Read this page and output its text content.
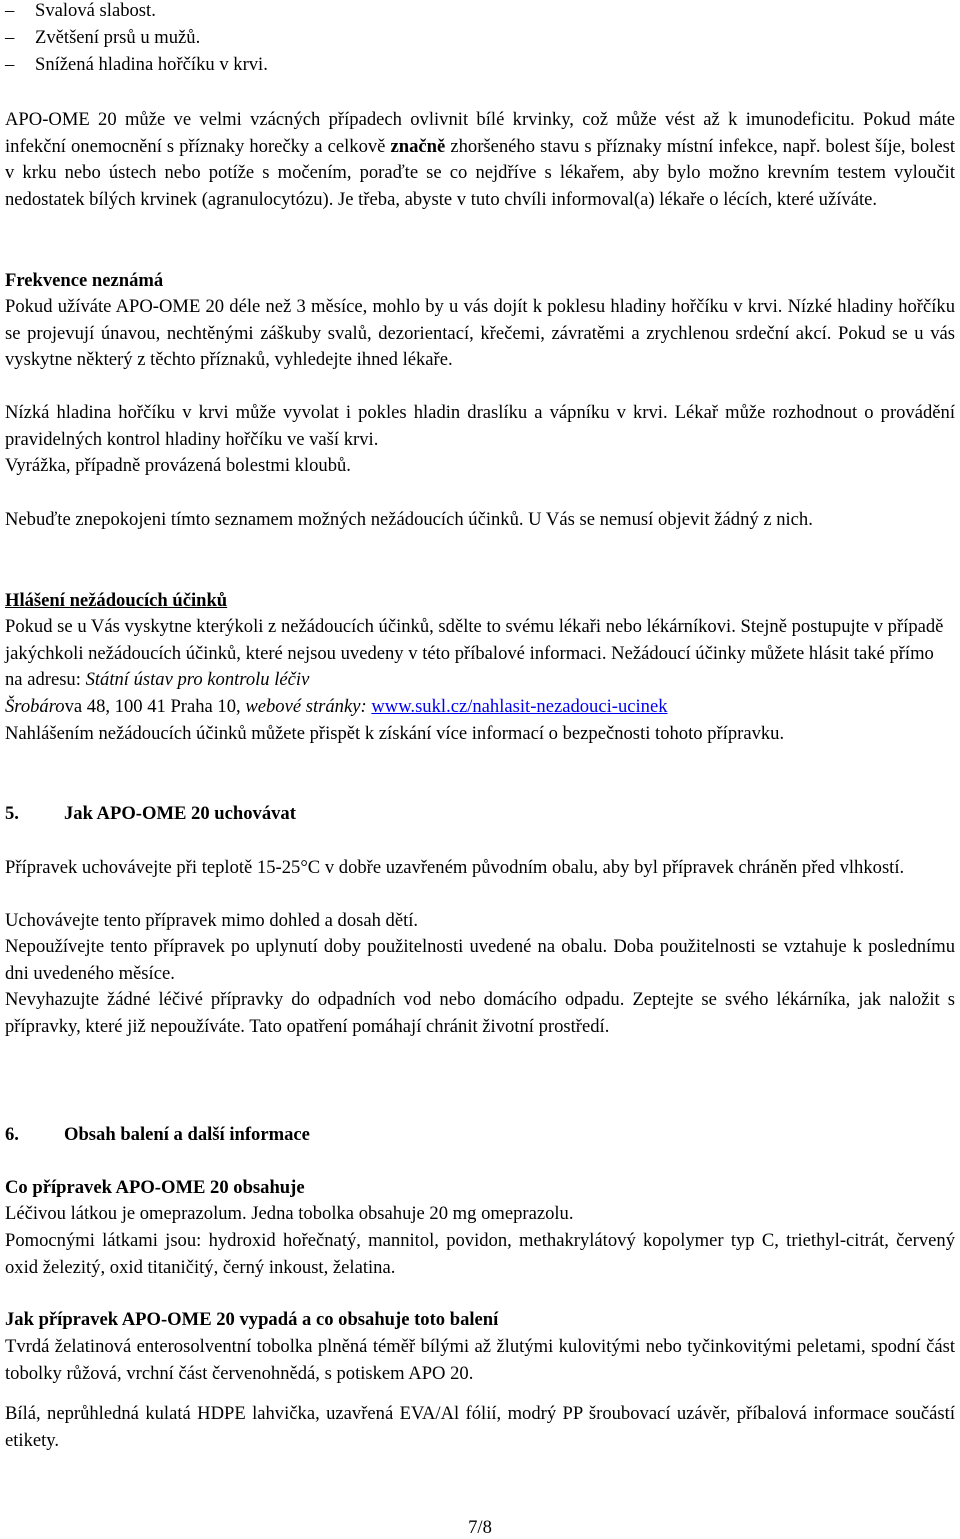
– Svalová slabost.
– Zvětšení prsů u mužů.
– Snížená hladina hořčíku v krvi.

APO-OME 20 může ve velmi vzácných případech ovlivnit bílé krvinky, což může vést až k imunodeficitu. Pokud máte infekční onemocnění s příznaky horečky a celkově značně zhoršeného stavu s příznaky místní infekce, např. bolest šíje, bolest v krku nebo ústech nebo potíže s močením, poraďte se co nejdříve s lékařem, aby bylo možno krevním testem vyloučit nedostatek bílých krvinek (agranulocytózu). Je třeba, abyste v tuto chvíli informoval(a) lékaře o lécích, které užíváte.

Frekvence neznámá

Pokud užíváte APO-OME 20 déle než 3 měsíce, mohlo by u vás dojít k poklesu hladiny hořčíku v krvi. Nízké hladiny hořčíku se projevují únavou, nechtěnými záškuby svalů, dezorientací, křečemi, závratěmi a zrychlenou srdeční akcí. Pokud se u vás vyskytne některý z těchto příznaků, vyhledejte ihned lékaře.

Nízká hladina hořčíku v krvi může vyvolat i pokles hladin draslíku a vápníku v krvi. Lékař může rozhodnout o provádění pravidelných kontrol hladiny hořčíku ve vaší krvi.

Vyrážka, případně provázená bolestmi kloubů.

Nebuďte znepokojeni tímto seznamem možných nežádoucích účinků. U Vás se nemusí objevit žádný z nich.

Hlášení nežádoucích účinků

Pokud se u Vás vyskytne kterýkoli z nežádoucích účinků, sdělte to svému lékaři nebo lékárníkovi. Stejně postupujte v případě jakýchkoli nežádoucích účinků, které nejsou uvedeny v této příbalové informaci. Nežádoucí účinky můžete hlásit také přímo na adresu: Státní ústav pro kontrolu léčiv
Šrobárova 48, 100 41 Praha 10, webové stránky: www.sukl.cz/nahlasit-nezadouci-ucinek

Nahlášením nežádoucích účinků můžete přispět k získání více informací o bezpečnosti tohoto přípravku.

5. Jak APO-OME 20 uchovávat

Přípravek uchovávejte při teplotě 15-25°C v dobře uzavřeném původním obalu, aby byl přípravek chráněn před vlhkostí.

Uchovávejte tento přípravek mimo dohled a dosah dětí.

Nepoužívejte tento přípravek po uplynutí doby použitelnosti uvedené na obalu. Doba použitelnosti se vztahuje k poslednímu dni uvedeného měsíce.

Nevyhazujte žádné léčivé přípravky do odpadních vod nebo domácího odpadu. Zeptejte se svého lékárníka, jak naložit s přípravky, které již nepoužíváte. Tato opatření pomáhají chránit životní prostředí.

6. Obsah balení a další informace
Co přípravek APO-OME 20 obsahuje

Léčivou látkou je omeprazolum. Jedna tobolka obsahuje 20 mg omeprazolu.

Pomocnými látkami jsou: hydroxid hořečnatý, mannitol, povidon, methakrylátový kopolymer typ C, triethyl-citrát, červený oxid železitý, oxid titaničitý, černý inkoust, želatina.

Jak přípravek APO-OME 20 vypadá a co obsahuje toto balení

Tvrdá želatinová enterosolventní tobolka plněná téměř bílými až žlutými kulovitými nebo tyčinkovitými peletami, spodní část tobolky růžová, vrchní část červenohnědá, s potiskem APO 20.

Bílá, neprůhledná kulatá HDPE lahvička, uzavřená EVA/Al fólií, modrý PP šroubovací uzávěr, příbalová informace součástí etikety.

7/8
